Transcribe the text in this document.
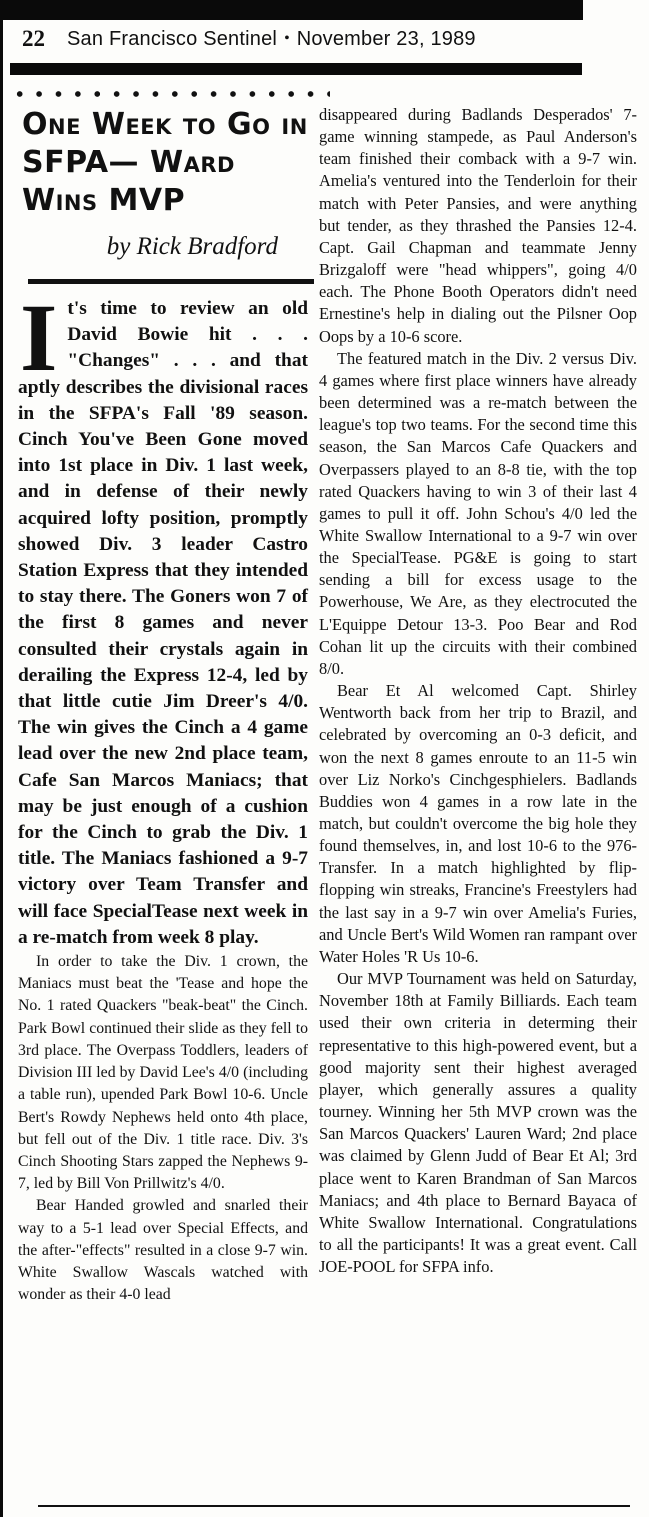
22 San Francisco Sentinel • November 23, 1989
One Week to Go in SFPA— Ward Wins MVP
by Rick Bradford

It's time to review an old David Bowie hit . . . "Changes" . . . and that aptly describes the divisional races in the SFPA's Fall '89 season. Cinch You've Been Gone moved into 1st place in Div. 1 last week, and in defense of their newly acquired lofty position, promptly showed Div. 3 leader Castro Station Express that they intended to stay there. The Goners won 7 of the first 8 games and never consulted their crystals again in derailing the Express 12-4, led by that little cutie Jim Dreer's 4/0. The win gives the Cinch a 4 game lead over the new 2nd place team, Cafe San Marcos Maniacs; that may be just enough of a cushion for the Cinch to grab the Div. 1 title. The Maniacs fashioned a 9-7 victory over Team Transfer and will face SpecialTease next week in a re-match from week 8 play.

In order to take the Div. 1 crown, the Maniacs must beat the 'Tease and hope the No. 1 rated Quackers "beak-beat" the Cinch. Park Bowl continued their slide as they fell to 3rd place. The Overpass Toddlers, leaders of Division III led by David Lee's 4/0 (including a table run), upended Park Bowl 10-6. Uncle Bert's Rowdy Nephews held onto 4th place, but fell out of the Div. 1 title race. Div. 3's Cinch Shooting Stars zapped the Nephews 9-7, led by Bill Von Prillwitz's 4/0.

Bear Handed growled and snarled their way to a 5-1 lead over Special Effects, and the after-"effects" resulted in a close 9-7 win. White Swallow Wascals watched with wonder as their 4-0 lead

disappeared during Badlands Desperados' 7-game winning stampede, as Paul Anderson's team finished their comback with a 9-7 win. Amelia's ventured into the Tenderloin for their match with Peter Pansies, and were anything but tender, as they thrashed the Pansies 12-4. Capt. Gail Chapman and teammate Jenny Brizgaloff were "head whippers", going 4/0 each. The Phone Booth Operators didn't need Ernestine's help in dialing out the Pilsner Oop Oops by a 10-6 score.

The featured match in the Div. 2 versus Div. 4 games where first place winners have already been determined was a re-match between the league's top two teams. For the second time this season, the San Marcos Cafe Quackers and Overpassers played to an 8-8 tie, with the top rated Quackers having to win 3 of their last 4 games to pull it off. John Schou's 4/0 led the White Swallow International to a 9-7 win over the SpecialTease. PG&E is going to start sending a bill for excess usage to the Powerhouse, We Are, as they electrocuted the L'Equippe Detour 13-3. Poo Bear and Rod Cohan lit up the circuits with their combined 8/0.

Bear Et Al welcomed Capt. Shirley Wentworth back from her trip to Brazil, and celebrated by overcoming an 0-3 deficit, and won the next 8 games enroute to an 11-5 win over Liz Norko's Cinchgesphielers. Badlands Buddies won 4 games in a row late in the match, but couldn't overcome the big hole they found themselves, in, and lost 10-6 to the 976-Transfer. In a match highlighted by flip-flopping win streaks, Francine's Freestylers had the last say in a 9-7 win over Amelia's Furies, and Uncle Bert's Wild Women ran rampant over Water Holes 'R Us 10-6.

Our MVP Tournament was held on Saturday, November 18th at Family Billiards. Each team used their own criteria in determing their representative to this high-powered event, but a good majority sent their highest averaged player, which generally assures a quality tourney. Winning her 5th MVP crown was the San Marcos Quackers' Lauren Ward; 2nd place was claimed by Glenn Judd of Bear Et Al; 3rd place went to Karen Brandman of San Marcos Maniacs; and 4th place to Bernard Bayaca of White Swallow International. Congratulations to all the participants! It was a great event. Call JOE-POOL for SFPA info.
